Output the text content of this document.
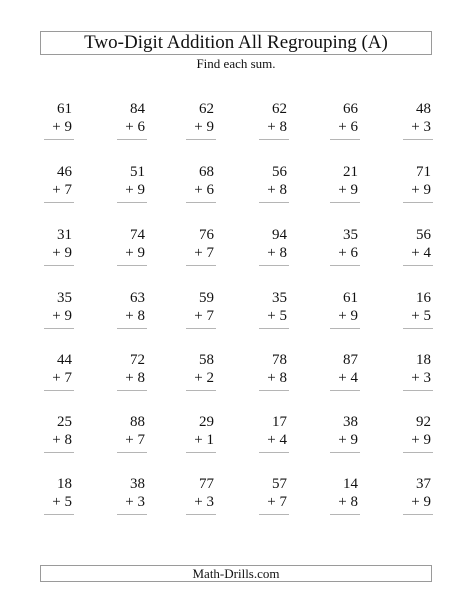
Two-Digit Addition All Regrouping (A)
Find each sum.
61
+ 9
84
+ 6
62
+ 9
62
+ 8
66
+ 6
48
+ 3
46
+ 7
51
+ 9
68
+ 6
56
+ 8
21
+ 9
71
+ 9
31
+ 9
74
+ 9
76
+ 7
94
+ 8
35
+ 6
56
+ 4
35
+ 9
63
+ 8
59
+ 7
35
+ 5
61
+ 9
16
+ 5
44
+ 7
72
+ 8
58
+ 2
78
+ 8
87
+ 4
18
+ 3
25
+ 8
88
+ 7
29
+ 1
17
+ 4
38
+ 9
92
+ 9
18
+ 5
38
+ 3
77
+ 3
57
+ 7
14
+ 8
37
+ 9
Math-Drills.com
